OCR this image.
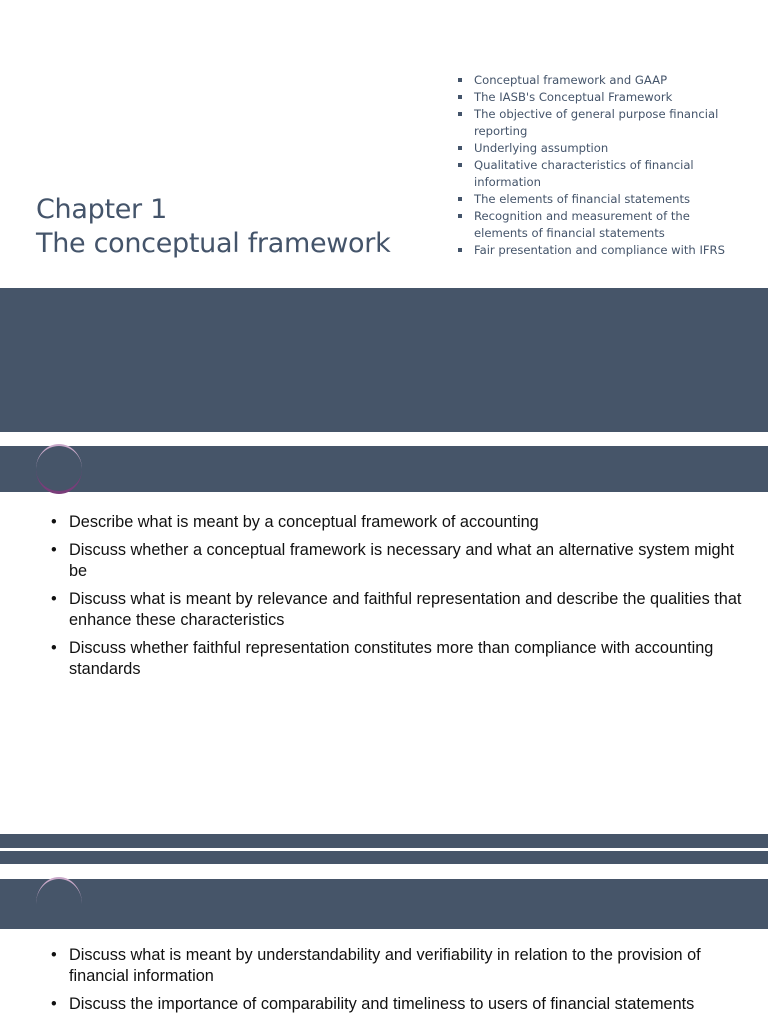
Chapter 1
The conceptual framework
Conceptual framework and GAAP
The IASB's Conceptual Framework
The objective of general purpose financial reporting
Underlying assumption
Qualitative characteristics of financial information
The elements of financial statements
Recognition and measurement of the elements of financial statements
Fair presentation and compliance with IFRS
• Describe what is meant by a conceptual framework of accounting
• Discuss whether a conceptual framework is necessary and what an alternative system might be
• Discuss what is meant by relevance and faithful representation and describe the qualities that enhance these characteristics
• Discuss whether faithful representation constitutes more than compliance with accounting standards
• Discuss what is meant by understandability and verifiability in relation to the provision of financial information
• Discuss the importance of comparability and timeliness to users of financial statements
